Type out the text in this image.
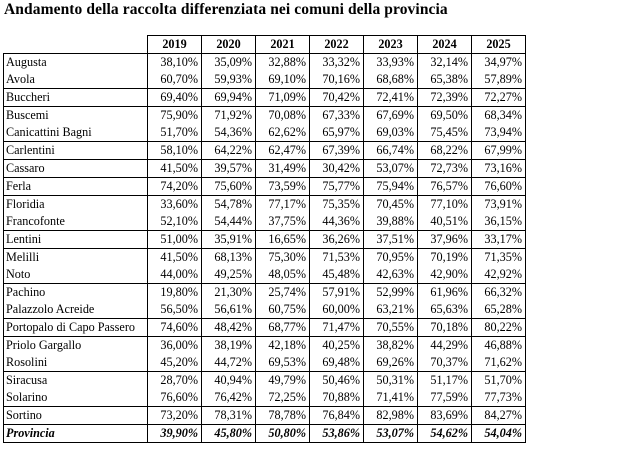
Andamento della raccolta differenziata nei comuni della provincia
	2019	2020	2021	2022	2023	2024	2025
Augusta	38,10%	35,09%	32,88%	33,32%	33,93%	32,14%	34,97%
Avola	60,70%	59,93%	69,10%	70,16%	68,68%	65,38%	57,89%
Buccheri	69,40%	69,94%	71,09%	70,42%	72,41%	72,39%	72,27%
Buscemi	75,90%	71,92%	70,08%	67,33%	67,69%	69,50%	68,34%
Canicattini Bagni	51,70%	54,36%	62,62%	65,97%	69,03%	75,45%	73,94%
Carlentini	58,10%	64,22%	62,47%	67,39%	66,74%	68,22%	67,99%
Cassaro	41,50%	39,57%	31,49%	30,42%	53,07%	72,73%	73,16%
Ferla	74,20%	75,60%	73,59%	75,77%	75,94%	76,57%	76,60%
Floridia	33,60%	54,78%	77,17%	75,35%	70,45%	77,10%	73,91%
Francofonte	52,10%	54,44%	37,75%	44,36%	39,88%	40,51%	36,15%
Lentini	51,00%	35,91%	16,65%	36,26%	37,51%	37,96%	33,17%
Melilli	41,50%	68,13%	75,30%	71,53%	70,95%	70,19%	71,35%
Noto	44,00%	49,25%	48,05%	45,48%	42,63%	42,90%	42,92%
Pachino	19,80%	21,30%	25,74%	57,91%	52,99%	61,96%	66,32%
Palazzolo Acreide	56,50%	56,61%	60,75%	60,00%	63,21%	65,63%	65,28%
Portopalo di Capo Passero	74,60%	48,42%	68,77%	71,47%	70,55%	70,18%	80,22%
Priolo Gargallo	36,00%	38,19%	42,18%	40,25%	38,82%	44,29%	46,88%
Rosolini	45,20%	44,72%	69,53%	69,48%	69,26%	70,37%	71,62%
Siracusa	28,70%	40,94%	49,79%	50,46%	50,31%	51,17%	51,70%
Solarino	76,60%	76,42%	72,25%	70,88%	71,41%	77,59%	77,73%
Sortino	73,20%	78,31%	78,78%	76,84%	82,98%	83,69%	84,27%
Provincia	39,90%	45,80%	50,80%	53,86%	53,07%	54,62%	54,04%
